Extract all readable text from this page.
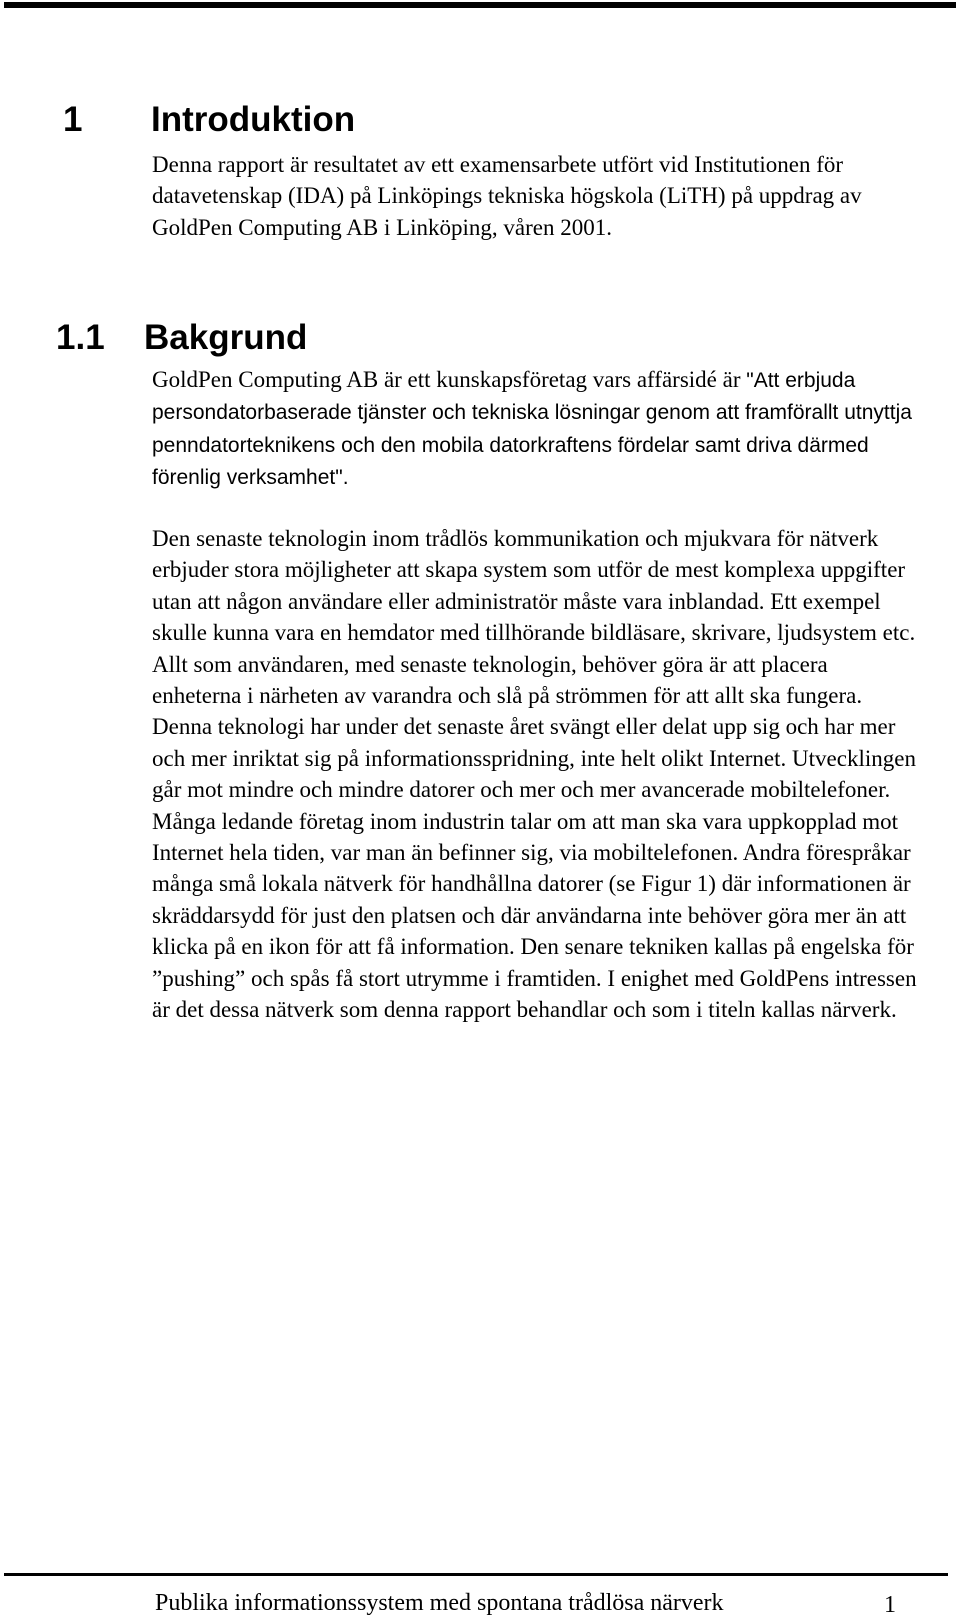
1 Introduktion

Denna rapport är resultatet av ett examensarbete utfört vid Institutionen för datavetenskap (IDA) på Linköpings tekniska högskola (LiTH) på uppdrag av GoldPen Computing AB i Linköping, våren 2001.

1.1 Bakgrund
GoldPen Computing AB är ett kunskapsföretag vars affärsidé är "Att erbjuda persondatorbaserade tjänster och tekniska lösningar genom att framförallt utnyttja penndatorteknikens och den mobila datorkraftens fördelar samt driva därmed förenlig verksamhet".

Den senaste teknologin inom trådlös kommunikation och mjukvara för nätverk erbjuder stora möjligheter att skapa system som utför de mest komplexa uppgifter utan att någon användare eller administratör måste vara inblandad. Ett exempel skulle kunna vara en hemdator med tillhörande bildläsare, skrivare, ljudsystem etc. Allt som användaren, med senaste teknologin, behöver göra är att placera enheterna i närheten av varandra och slå på strömmen för att allt ska fungera. Denna teknologi har under det senaste året svängt eller delat upp sig och har mer och mer inriktat sig på informationsspridning, inte helt olikt Internet. Utvecklingen går mot mindre och mindre datorer och mer och mer avancerade mobiltelefoner. Många ledande företag inom industrin talar om att man ska vara uppkopplad mot Internet hela tiden, var man än befinner sig, via mobiltelefonen. Andra förespråkar många små lokala nätverk för handhållna datorer (se Figur 1) där informationen är skräddarsydd för just den platsen och där användarna inte behöver göra mer än att klicka på en ikon för att få information. Den senare tekniken kallas på engelska för ”pushing” och spås få stort utrymme i framtiden. I enighet med GoldPens intressen är det dessa nätverk som denna rapport behandlar och som i titeln kallas närverk.

Publika informationssystem med spontana trådlösa närverk	1
